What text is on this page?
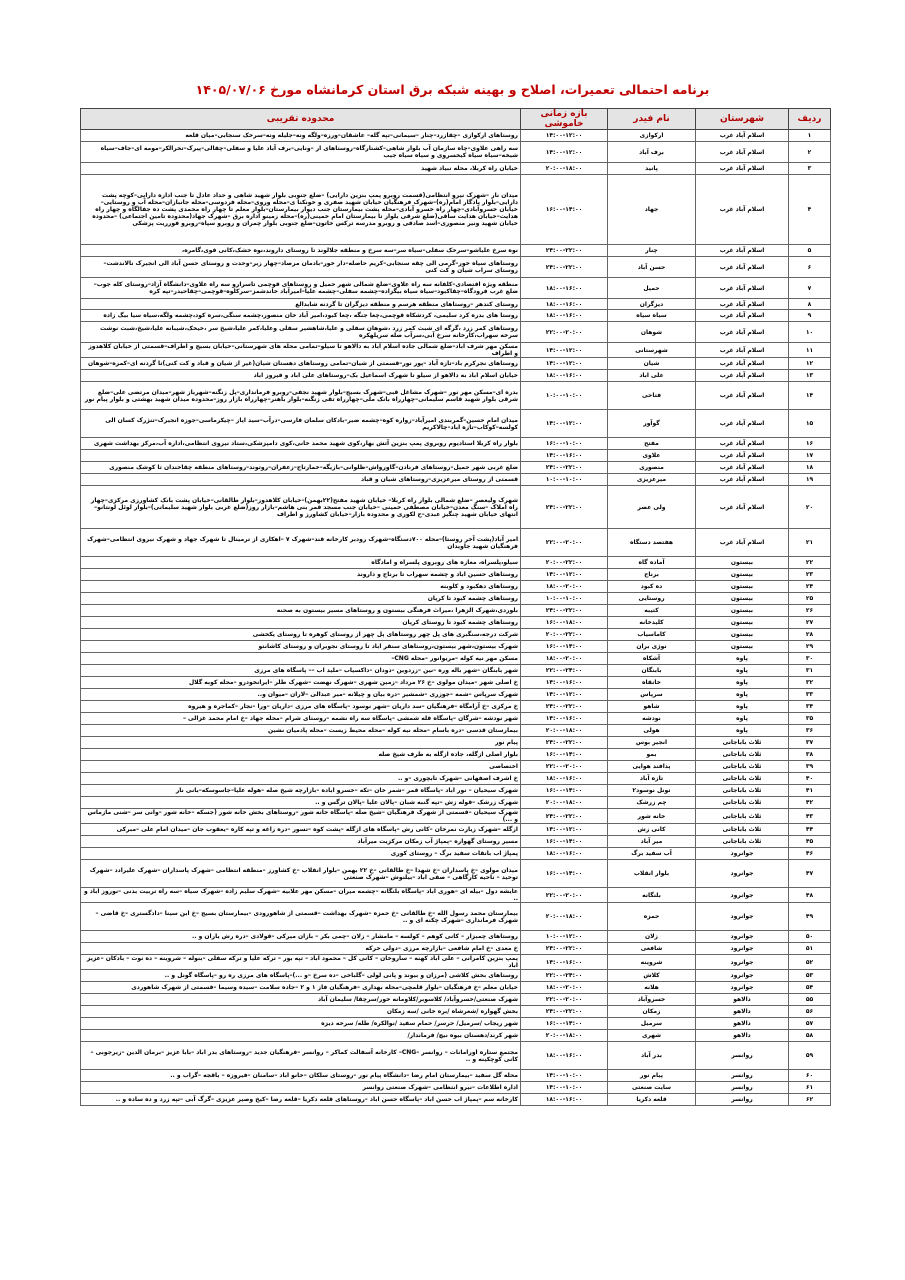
برنامه احتمالی تعمیرات، اصلاح و بهینه شبکه برق استان کرمانشاه مورخ ۱۴۰۵/۰۷/۰۶
ردیف	شهرستان	نام فیدر	بازه زمانی خاموشی	محدوده تقریبی
۱	اسلام آباد غرب	ارکوازی	۱۴:۰۰-۱۲:۰۰	روستاهای ارکوازی –چقازرد–چنار –سیمانی–تپه گله– عاشقان–ورزه–ولگه ونه–جلیله ونه–سرخک سنجابی–میان قلعه
۲	اسلام آباد غرب	برف آباد	۱۴:۰۰-۱۲:۰۰	سه راهی علاوی–چاه سازمان آب بلوار شاهی–کشتارگاه–روستاهای ار –ونایی–برف آباد علیا و سفلی–چقالی–پیرک–تخرالکر–مومه ای–جاف–سیاه شیخه–سیاه سیاه کیخسروی و سیاه سیاه جیب
۳	اسلام آباد غرب	پانید	۲۰:۰۰-۱۸:۰۰	خیابان راه کربلا، محله نبیاد شهید
۴	اسلام آباد غرب	جهاد	۱۶:۰۰-۱۴:۰۰	میدان نار –شهرک نیرو انتظامی(قسمت روبرو پمپ بنزین دارایی) –ضلع جنوبی بلوار شهید شاهی و حداد عادل تا جنب اداره دارایی–کوچه پشت دارایی–بلوار یادگار امام(ره)–شهرک فرهنگیان خیابان شهید صفری و خونکنا ی–محله وروی–محله فردوسی–محله جانبازان–محله آب و روستایی–خیابان خسروآبادی–چهار راه خسرو آبادی–محله پشت بیمارستان جنب دیوار بیمارستان–بلوار معلم تا چهار راه محمدی پشت ده جفالگاه و چهار راه هدایت–خیابان هدایت ساقی(ضلع شرقی بلوار تا بیمارستان امام خمینی(ره)–محله زمینو اداره برق –شهرک جهاد(محدوده تامین اجتماعی) –محدوده خیابان شهید ونیر منصوری–اسد صادقی و روبرو مدرسه ترکس خاتون–ضلع جنوبی بلوار چمران و روبرو سپاه–روبرو فورریت پزشکی
۵	اسلام آباد غرب	چنار	۲۴:۰۰-۲۲:۰۰	نوه سرخ علیاشو–سرخک سفلی–سیاه سر–سه سرخ و منطقه جلالوند تا روستای داروند،نوه خشک،کانی قوی،گامره،
۶	اسلام آباد غرب	حسن آباد	۲۴:۰۰-۲۲:۰۰	روستاهای سیاه خور–گرمی الی چقه سنجابی–کریم حاصله–دار خور–بادمان مرصاد–چهار زبر–وحدت و روستای حسن آباد الی انجیرک نالاندشت–روستای سراب شیان و کت کنی
۷	اسلام آباد غرب	حمیل	۱۸:۰۰-۱۶:۰۰	منطقه ویژه اقتصادی–کلفانه سه راه علاوی–ضلع شمالی شهر حمیل و روستاهای قوچمی تاسرارو سه راه علاوی–دانشگاه آزاد–روستای کله جوب–ضلع غرب فرودگاه–چقاکبود–سیاه سیاه بیگزاده–چشمه سفلی–چشمه علیا–امیرآباد خاندشمز–سرکلوه–قوچمی–چقاحیدر–تپه کره
۸	اسلام آباد غرب	دیزگران	۱۸:۰۰-۱۶:۰۰	روستای کندهر –روستاهای منطقه هرسم و منطقه دیزگران تا گردنه شابدالغ
۹	اسلام آباد غرب	سیاه سیاه	۱۸:۰۰-۱۶:۰۰	روستا های بدره کرد سلیمی، کردشکاه قوچمی،چغا جنگه ،چغا کبود،امیر آباد خان منصور،چشمه سنگی،سره کود،چشمه ولگه،سیاه سیا بیگ زاده
۱۰	اسلام آباد غرب	شوهان	۲۲:۰۰-۲۰:۰۰	روستاهای کمر زرد ،گرگه ای شبت کمر زرد ،شوهان سفلی و علیا،شاهشیر سفلی وعلیا،کمر علیا،شیخ سر ،خیخک،شیبانه علیا،شیخ،شبت نوشت سرخه سهراب،کارخانه سرخ آبی،سرآب صله سریلهکره
۱۱	اسلام آباد غرب	شهرستانی	۱۴:۰۰-۱۲:۰۰	مسکن مهر شرف اباد–ضلع شمالی جاده اسلام اباد به دالاهو تا سیلو–تمامی محله های شهرستانی–خیابان بسیج و اطراف–قسمتی از خیابان کلاهدوز و اطراف
۱۲	اسلام آباد غرب	شیان	۱۴:۰۰-۱۲:۰۰	روستاهای نجرکرم باد–تازه آباد –پور نور–قسمتی از شیان–تمامی روستاهای دهستان شیان(غیر از شیان و قباد و کت کنی)تا گردنه ای–کمره–شوهان
۱۳	اسلام آباد غرب	علی اباد	۱۸:۰۰-۱۶:۰۰	خیابان اسلام اباد به دالاهو از سیلو تا شهرک اسماعیل بک–روستاهای علی اباد و فیروز اباد
۱۴	اسلام آباد غرب	فتاحی	۱۰:۰۰-۱۰:۰۰	بدره ای–مسکن مهر نور –شهرک مشاغل قبی–شهرک بسیج–بلوار شهید نجفی–روبرو فرمانداری–پل زنگنه–شهرباز شهر–میدان مرتضی علی–ضلع شرقی بلوار شهید قاسم سلیمانی–چهارراه بانک ملی–چهارراه تقی زنگنه–بلوار باهنر–چهارراه بازار روز–محدوده میدان شهید بهشتی و بلوار پیام نور
۱۵	اسلام آباد غرب	گوآور	۱۴:۰۰-۱۲:۰۰	میدان امام حسین–گمربندی امیرآباد–زواره کوه–چشمه ضیر–بادکان سلمان فارسی–درآب–سید ایاز –چیکرماسی–جوزه انجیرک–تنژرک کسان الی کولسه–کوکاب–تازه اباد–چالاکریم
۱۶	اسلام آباد غرب	مفتح	۱۶:۰۰-۱۰:۰۰	بلوار راه کربلا استادیوم روبروی پمپ بنزین آتش بهار،کوی شهید محمد خانی،کوی دامپزشکی،ستاد نیروی انتظامی،اداره آب،مرکز بهداشت شهری
۱۷	اسلام آباد غرب	علاوی	۱۴:۰۰-۱۶:۰۰	
۱۸	اسلام آباد غرب	منصوری	۲۴:۰۰-۲۲:۰۰	ضلع غربی شهر حمیل–روستاهای فرنادن–گاورواش–ظلوانی–بازیگه–خمارتاج–زعفران–روتوند–روستاهای منطقه چقاخندان تا کوشک منصوری
۱۹	اسلام آباد غرب	میرعزیزی	۱۰:۰۰-۱۰:۰۰	قسمتی از روستای میرعزیزی–روستاهای شیان و قباد
۲۰	اسلام آباد غرب	ولی عصر	۲۴:۰۰-۲۲:۰۰	شهرک ولیعصر –ضلع شمالی بلوار راه کربلا– خیابان شهید مفتح(۲۲بهمن)–خیابان کلاهدوز–بلوار طالقانی–خیابان پشت بانک کشاورزی مرکزی–چهار راه املاک –سنگ معدن–خیابان مصطفی خمینی –خیابان جنب مسجد قمر بنی هاشم–بازار روز(ضلع غربی بلوار شهید سلیمانی)–بلوار لوئل لونتانو–انتهای خیابان شهید چنگیز عبدی–ح لکوری و محدوده بازار–خیابان کشاورز و اطراف
۲۱	اسلام آباد غرب	هفتصد دستگاه	۲۲:۰۰-۲۰:۰۰	امیر آباد(پشت آخر روستا)–محله ۷۰۰دستگاه–شهرک رودبر کارخانه قند–شهرک ۷ –اهکاری از ترمینال تا شهرک جهاد و شهرک نیروی انتظامی–شهرک فرهنگیان شهید جاویدان
۲۲	بیستون	آماده گاه	۲۰:۰۰-۲۲:۰۰	سیلو،پلسراه، مغازه های روبروی پلسراه و امادگاه
۲۳	بیستون	برناج	۱۴:۰۰-۱۲:۰۰	روستاهای حسین اباد و چشمه سهراب تا برناج و داروند
۲۴	بیستون	ده کبود	۱۸:۰۰-۲۰:۰۰	روستاهای دهکبود و کلوبنه
۲۵	بیستون	روستایی	۱۰:۰۰-۱۰:۰۰	روستاهای چشمه کبود تا کرپان
۲۶	بیستون	کتیبه	۲۴:۰۰-۲۲:۰۰	بلوردی،شهرک الزهرا ،میراث فرهنگی بیستون و روستاهای مسیر بیستون به صحنه
۲۷	بیستون	کلیدخانه	۱۶:۰۰-۱۸:۰۰	روستاهای چشمه کبود تا روستای کرپان
۲۸	بیستون	کاماسیاب	۲۰:۰۰-۲۲:۰۰	شرکت درجه،سنگبری های پل چهر روستاهای پل چهر از روستای کوهره تا روستای یکخشی
۲۹	بیستون	نوژی بران	۱۶:۰۰-۱۴:۰۰	شهرک بیستون،شهر بیستون،روستاهای سنقر اباد تا روستای نجوبران و روستای کاشانتو
۳۰	پاوه	آشکاه	۱۸:۰۰-۲۰:۰۰	مسکن مهر نیه کوله –مریوانور –محله CNG–
۳۱	پاوه	بابنگان	۲۲:۰۰-۲۴:۰۰	شهر بابنگان –شهر باله وره –نین –زردوین –دودان –داکسیاب –ملید اب –– پاسگاه های مرزی
۳۲	پاوه	خانقاه	۱۴:۰۰-۱۶:۰۰	خ اصلی شهر –میدان مولوی –خ ۲۶ مرداد –زمین شهری –شهرک نهضت –شهرک طلر –ایرانخودرو –محله کوبه گلال
۳۳	پاوه	سرپاس	۱۴:۰۰-۱۲:۰۰	شهرک سرپاس –شمه –جوزری –شمشیر –دره بیان و چیلانه –میر عبدالی –لاران –میوان و..
۳۴	پاوه	شاهو	۲۴:۰۰-۲۲:۰۰	خ مرکزی –خ آرامگاه –فرهنگیان –سد داریان –شهر نوسود –پاسگاه های مرزی –داریان –ورا –نجار –کماجره و هیروه
۳۵	پاوه	نودشه	۱۴:۰۰-۱۶:۰۰	شهر نودشه –شرگان –پاسگاه قله شمشی –پاسگاه سه راه نشمه –روستای شرام –محله جهاد –خ امام محمد غزالی –
۳۶	پاوه	هولی	۲۰:۰۰-۱۸:۰۰	بیمارستان قدسی –دره باسام –محله نیه کوله –محله محیط زیست –محله پادمیان نشین
۳۷	ثلاث باباجانی	انجیر بوس	۲۴:۰۰-۲۲:۰۰	پیام نور
۳۸	ثلاث باباجانی	بمو	۱۶:۰۰-۱۴:۰۰	بلوار اصلی ازگله، جاده ازگله به طرف شیخ صله
۳۹	ثلاث باباجانی	پدافند هوایی	۲۲:۰۰-۲۰:۰۰	اختصاصی
۴۰	ثلاث باباجانی	تازه آباد	۱۸:۰۰-۱۶:۰۰	خ اشرف اصفهانی –شهرک تابچوری –و ..
۴۱	ثلاث باباجانی	تونل نوسود۲	۱۶:۰۰-۱۴:۰۰	شهرک سیحیان – نور اباد –پاسگاه قمر –شمر خان –تکه –خسرو اباده –بازارچه شیخ صله –هوله علیا–جاسوسکه–بانی نار
۴۲	ثلاث باباجانی	چم زرشک	۲۰:۰۰-۱۸:۰۰	شهرک زرشک –قوله زش –تپه گنبه شبان –پالان علیا –پالان ترگس و ..
۴۳	ثلاث باباجانی	خانه شور	۲۴:۰۰-۲۲:۰۰	شهرک سیحیان –قسمتی از شهرک فرهنگیان –شیخ صله –پاسگاه خانه شور –روستاهای بخش خانه شور (جسکه –خانه شور –وانی سر –شنی مازماس و ...)
۴۴	ثلاث باباجانی	کانی زش	۱۴:۰۰-۱۲:۰۰	ازگله –شهرک زیارت نمرخان –کانی رش –پاسگاه های ازگله –پشت کوه –تسور –دره زاغه و تپه کاره –یعقوب جان –میدان امام علی –مبرکی
۴۵	ثلاث باباجانی	میر آباد	۱۶:۰۰-۱۴:۰۰	مسیر روستای گهواره –پمپاژ آب زمکان مرکزیت میرآباد
۴۶	جوانرود	آب سفید برگ	۱۸:۰۰-۱۶:۰۰	پمپاژ اب بانقات سفید برگ – روستای کوری
۴۷	جوانرود	بلوار انقلاب	۱۶:۰۰-۱۴:۰۰	میدان مولوی –خ پاسداران –خ شهدا –خ طالقانی –خ ۲۲ بهمن –بلوار انقلاب –خ کشاورز –منطقه انتظامی –شهرک پاسداران –شهرک علیرادد –شهرک توحید – ناحیه کارگاهی – صفی اباد –بیلنوش –شهرک صنعتی
۴۸	جوانرود	بلنگانه	۲۲:۰۰-۲۰:۰۰	عایشه دول –بیله ای –هوری اباد –پاسگاه بلنگانه –چشمه میران –مسکن مهر علابیه –شهرک سلیم زاده –شهرک سیاه –سه راه تربیت بدنی –نوروز اباد و ..
۴۹	جوانرود	حمزه	۲۰:۰۰-۱۸:۰۰	بیمارستان محمد رسول الله –خ طالقانی –خ حمزه –شهرک بهداشت –قسمتی از شاهورودی –بیمارستان بسیج –خ ابن سینا –دادگستری –خ قاضی –شهرک فرمانداری –شهرک چکنه ای و ..
۵۰	جوانرود	زلان	۱۰:۰۰-۱۲:۰۰	روستاهای چمبزار – کانی کوهم – کولسه – مامشار – زلان –چمی بکر – بازان میرکی –قولادی –دره رش یاران و ..
۵۱	جوانرود	شافعی	۲۴:۰۰-۲۲:۰۰	خ معدی –خ امام شافعی –بازارچه مرزی –دولی خرکه
۵۲	جوانرود	شروینه	۱۴:۰۰-۱۶:۰۰	پمپ بنزین کامرانی – علی اباد کهنه – ساروخان – کانی کل – محمود اباد – تپه بور – ترکه علیا و ترکه سفلی –بنوله – شروینه – ده نوت – بادکان –عزیز اباد
۵۳	جوانرود	کلاش	۲۲:۰۰-۲۴:۰۰	روستاهای بخش کلاشی (مرزان و بیوند و پانی لولی –گلباخی –ده سرخ –و ...)–پاسگاه های مرزی ره رو –پاسگاه گونل و ..
۵۴	جوانرود	هلانه	۱۸:۰۰-۲۰:۰۰	خیابان معلم –خ فرهنگیان –بلوار قلمچی–محله بهداری –فرهنگیان فاز ۱ و ۲ –جاده سلامت –سیده وسیما –قسمتی از شهرک شاهوردی
۵۵	دالاهو	خسروآباد	۲۲:۰۰-۲۰:۰۰	شهرک صنعتی/خسروآباد/ کلاسوبر/کلاومانه خور/سرچقا/ سلیمان آباد
۵۶	دالاهو	زمکان	۲۴:۰۰-۲۲:۰۰	بخش گهواره /شعرشاه /بره خانی /سه زمکان
۵۷	دالاهو	سرمیل	۱۶:۰۰-۱۴:۰۰	شهر ریجاب /سرمیل/ حرسر/ حمام سفید /نوالکره/ طله/ سرخه دیزه
۵۸	دالاهو	شهری	۲۰:۰۰-۱۸:۰۰	شهر کرند/دهستان بیوه نیچ/ فرماندار/
۵۹	روانسر	بدر آباد	۱۸:۰۰-۱۶:۰۰	مجتمع ستاره اورامانات – روانسر –CNG– کارخانه آسفالت کماکر – روانسر –فرهنگیان جدید –روستاهای بدر اباد –بابا عزیز –برمان الدین –زیرجوبی –کانی کوچکینه و ..
۶۰	روانسر	پیام نور	۱۴:۰۰-۱۰:۰۰	محله گل سفید –بیمارستان امام رضا –دانشگاه پیام نور –روستای سلکان –خانو اباد –سامنان –فیروزه – باقجه –گراب و ..
۶۱	روانسر	سایت صنعتی	۱۴:۰۰-۱۰:۰۰	اداره اطلاعات –نیرو انتظامی –شهرک صنعتی روانسر
۶۲	روانسر	قلعه دکریا	۱۸:۰۰-۱۶:۰۰	کارخانه سم –پمپاژ اب حسن اباد –پاسگاه حسن اباد –روستاهای قلعه دکریا –قلعه رضا –کیخ وصیر عزیزی –گرگ آبی –تپه زرد و ده ساده و ..
